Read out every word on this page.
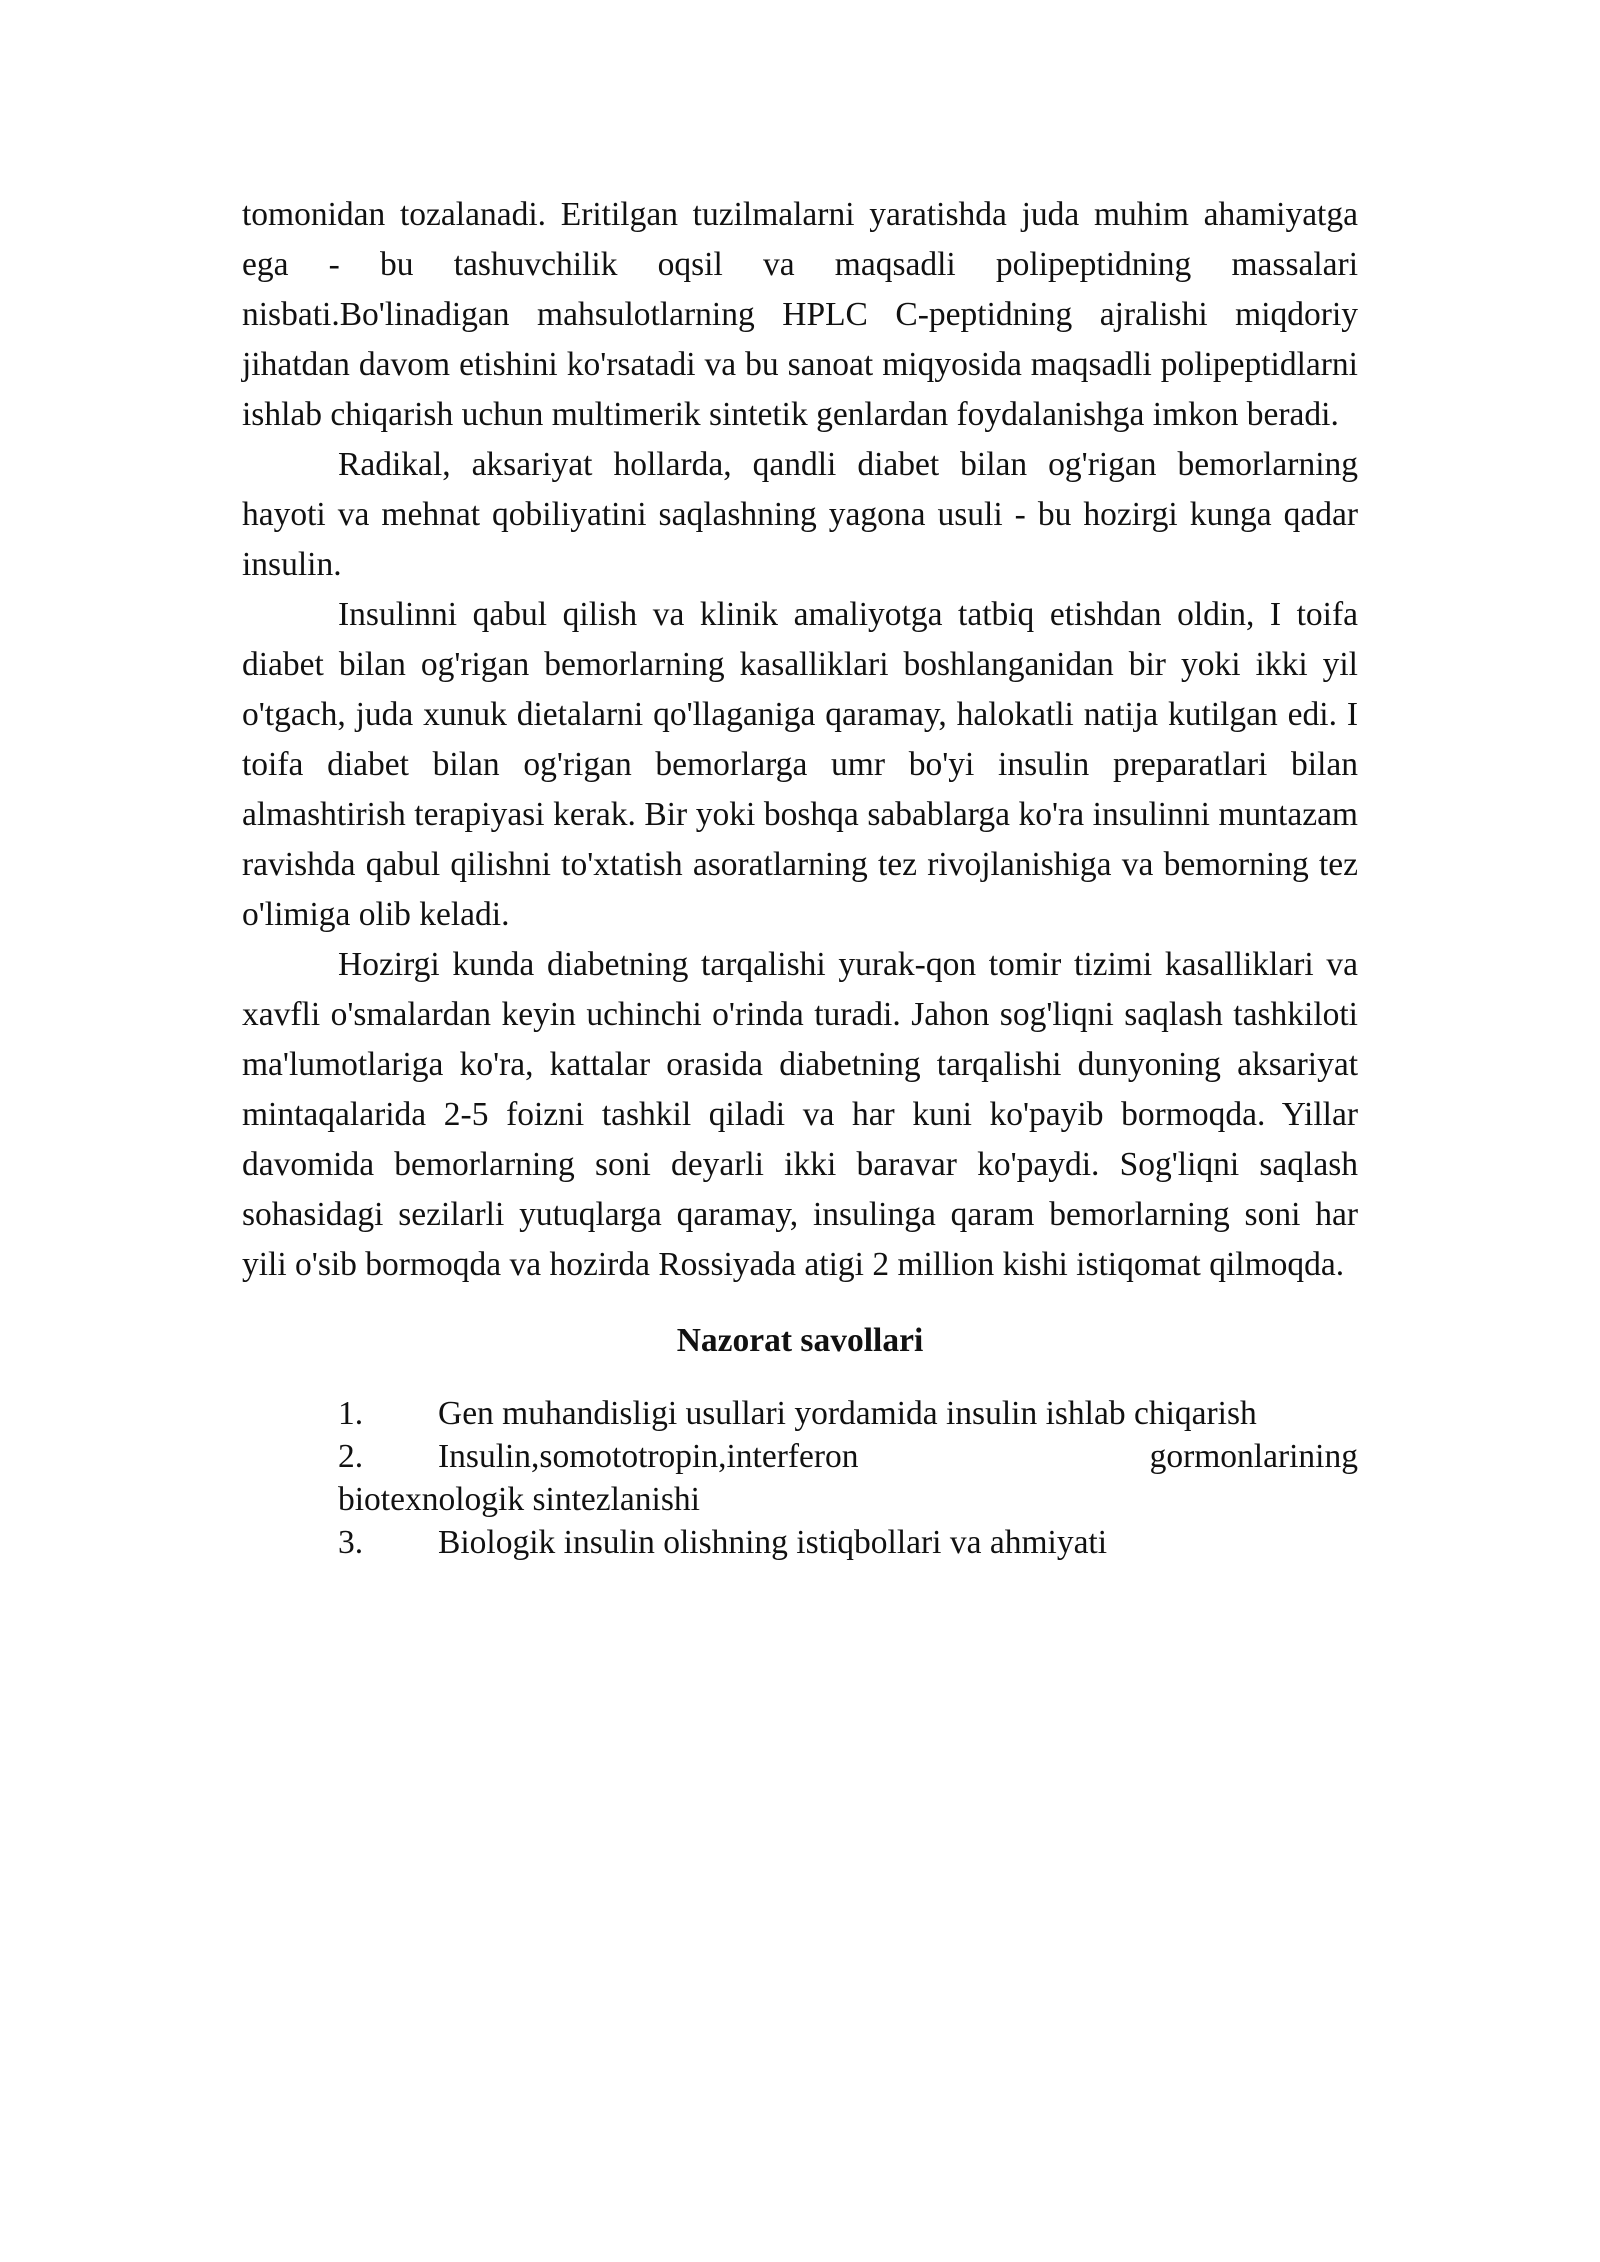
tomonidan tozalanadi. Eritilgan tuzilmalarni yaratishda juda muhim ahamiyatga ega - bu tashuvchilik oqsil va maqsadli polipeptidning massalari nisbati.Bo'linadigan mahsulotlarning HPLC C-peptidning ajralishi miqdoriy jihatdan davom etishini ko'rsatadi va bu sanoat miqyosida maqsadli polipeptidlarni ishlab chiqarish uchun multimerik sintetik genlardan foydalanishga imkon beradi.

Radikal, aksariyat hollarda, qandli diabet bilan og'rigan bemorlarning hayoti va mehnat qobiliyatini saqlashning yagona usuli - bu hozirgi kunga qadar insulin.

Insulinni qabul qilish va klinik amaliyotga tatbiq etishdan oldin, I toifa diabet bilan og'rigan bemorlarning kasalliklari boshlanganidan bir yoki ikki yil o'tgach, juda xunuk dietalarni qo'llaganiga qaramay, halokatli natija kutilgan edi. I toifa diabet bilan og'rigan bemorlarga umr bo'yi insulin preparatlari bilan almashtirish terapiyasi kerak. Bir yoki boshqa sabablarga ko'ra insulinni muntazam ravishda qabul qilishni to'xtatish asoratlarning tez rivojlanishiga va bemorning tez o'limiga olib keladi.

Hozirgi kunda diabetning tarqalishi yurak-qon tomir tizimi kasalliklari va xavfli o'smalardan keyin uchinchi o'rinda turadi. Jahon sog'liqni saqlash tashkiloti ma'lumotlariga ko'ra, kattalar orasida diabetning tarqalishi dunyoning aksariyat mintaqalarida 2-5 foizni tashkil qiladi va har kuni ko'payib bormoqda. Yillar davomida bemorlarning soni deyarli ikki baravar ko'paydi. Sog'liqni saqlash sohasidagi sezilarli yutuqlarga qaramay, insulinga qaram bemorlarning soni har yili o'sib bormoqda va hozirda Rossiyada atigi 2 million kishi istiqomat qilmoqda.

Nazorat savollari
1. Gen muhandisligi usullari yordamida insulin ishlab chiqarish
2. Insulin,somototropin,interferon	gormonlarining
biotexnologik sintezlanishi
3. Biologik insulin olishning istiqbollari va ahmiyati
